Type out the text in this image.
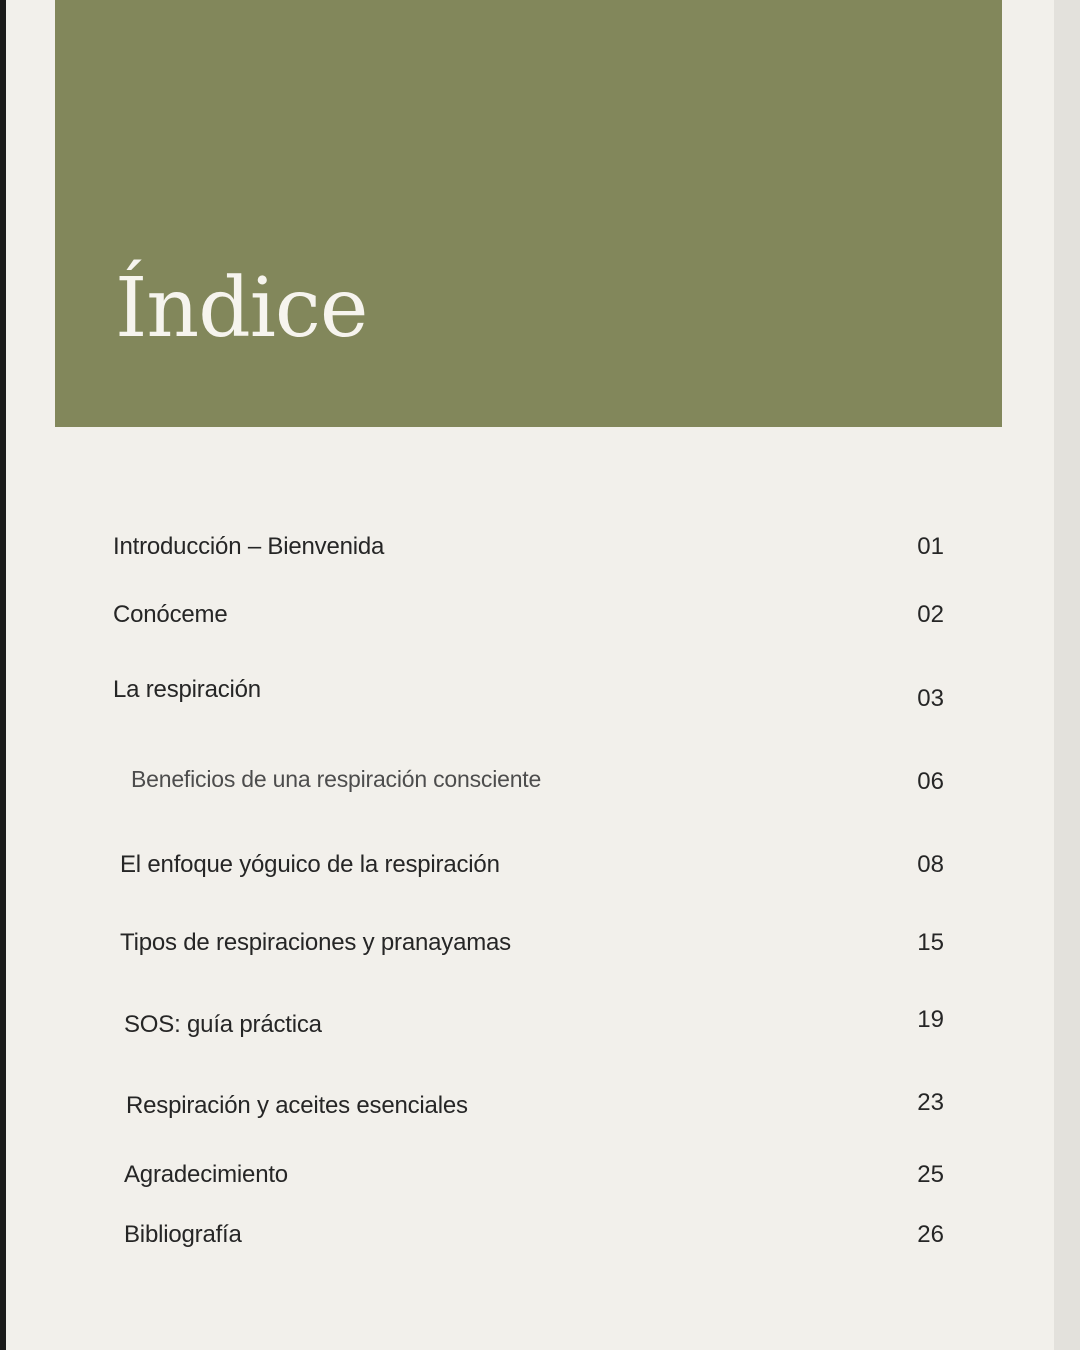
Índice
Introducción – Bienvenida	01
Conóceme	02
La respiración	03
Beneficios de una respiración consciente	06
El enfoque yóguico de la respiración	08
Tipos de respiraciones y pranayamas	15
SOS: guía práctica	19
Respiración y aceites esenciales	23
Agradecimiento	25
Bibliografía	26
